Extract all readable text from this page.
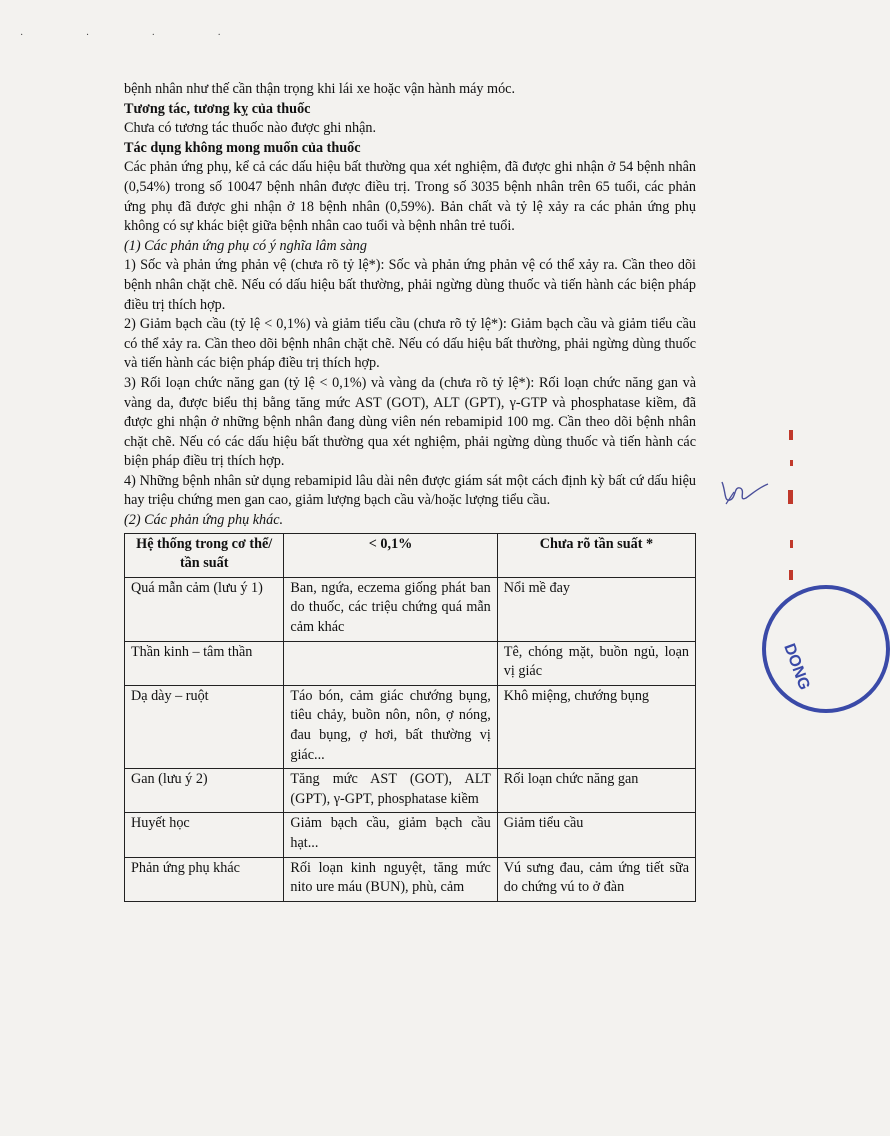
· · · ·

bệnh nhân như thế cần thận trọng khi lái xe hoặc vận hành máy móc.

Tương tác, tương kỵ của thuốc

Chưa có tương tác thuốc nào được ghi nhận.

Tác dụng không mong muốn của thuốc

Các phản ứng phụ, kể cả các dấu hiệu bất thường qua xét nghiệm, đã được ghi nhận ở 54 bệnh nhân (0,54%) trong số 10047 bệnh nhân được điều trị. Trong số 3035 bệnh nhân trên 65 tuổi, các phản ứng phụ đã được ghi nhận ở 18 bệnh nhân (0,59%). Bản chất và tỷ lệ xảy ra các phản ứng phụ không có sự khác biệt giữa bệnh nhân cao tuổi và bệnh nhân trẻ tuổi.

(1) Các phản ứng phụ có ý nghĩa lâm sàng

1) Sốc và phản ứng phản vệ (chưa rõ tỷ lệ*): Sốc và phản ứng phản vệ có thể xảy ra. Cần theo dõi bệnh nhân chặt chẽ. Nếu có dấu hiệu bất thường, phải ngừng dùng thuốc và tiến hành các biện pháp điều trị thích hợp.

2) Giảm bạch cầu (tỷ lệ < 0,1%) và giảm tiểu cầu (chưa rõ tỷ lệ*): Giảm bạch cầu và giảm tiểu cầu có thể xảy ra. Cần theo dõi bệnh nhân chặt chẽ. Nếu có dấu hiệu bất thường, phải ngừng dùng thuốc và tiến hành các biện pháp điều trị thích hợp.

3) Rối loạn chức năng gan (tỷ lệ < 0,1%) và vàng da (chưa rõ tỷ lệ*): Rối loạn chức năng gan và vàng da, được biểu thị bằng tăng mức AST (GOT), ALT (GPT), γ-GTP và phosphatase kiềm, đã được ghi nhận ở những bệnh nhân đang dùng viên nén rebamipid 100 mg. Cần theo dõi bệnh nhân chặt chẽ. Nếu có các dấu hiệu bất thường qua xét nghiệm, phải ngừng dùng thuốc và tiến hành các biện pháp điều trị thích hợp.

4) Những bệnh nhân sử dụng rebamipid lâu dài nên được giám sát một cách định kỳ bất cứ dấu hiệu hay triệu chứng men gan cao, giảm lượng bạch cầu và/hoặc lượng tiểu cầu.

(2) Các phản ứng phụ khác.

Hệ thống trong cơ thể/ tần suất	< 0,1%	Chưa rõ tần suất *
Quá mẫn cảm (lưu ý 1)	Ban, ngứa, eczema giống phát ban do thuốc, các triệu chứng quá mẫn cảm khác	Nổi mề đay
Thần kinh – tâm thần		Tê, chóng mặt, buồn ngủ, loạn vị giác
Dạ dày – ruột	Táo bón, cảm giác chướng bụng, tiêu chảy, buồn nôn, nôn, ợ nóng, đau bụng, ợ hơi, bất thường vị giác...	Khô miệng, chướng bụng
Gan (lưu ý 2)	Tăng mức AST (GOT), ALT (GPT), γ-GPT, phosphatase kiềm	Rối loạn chức năng gan
Huyết học	Giảm bạch cầu, giảm bạch cầu hạt...	Giảm tiểu cầu
Phản ứng phụ khác	Rối loạn kinh nguyệt, tăng mức nito ure máu (BUN), phù, cảm	Vú sưng đau, cảm ứng tiết sữa do chứng vú to ở đàn
DONG
